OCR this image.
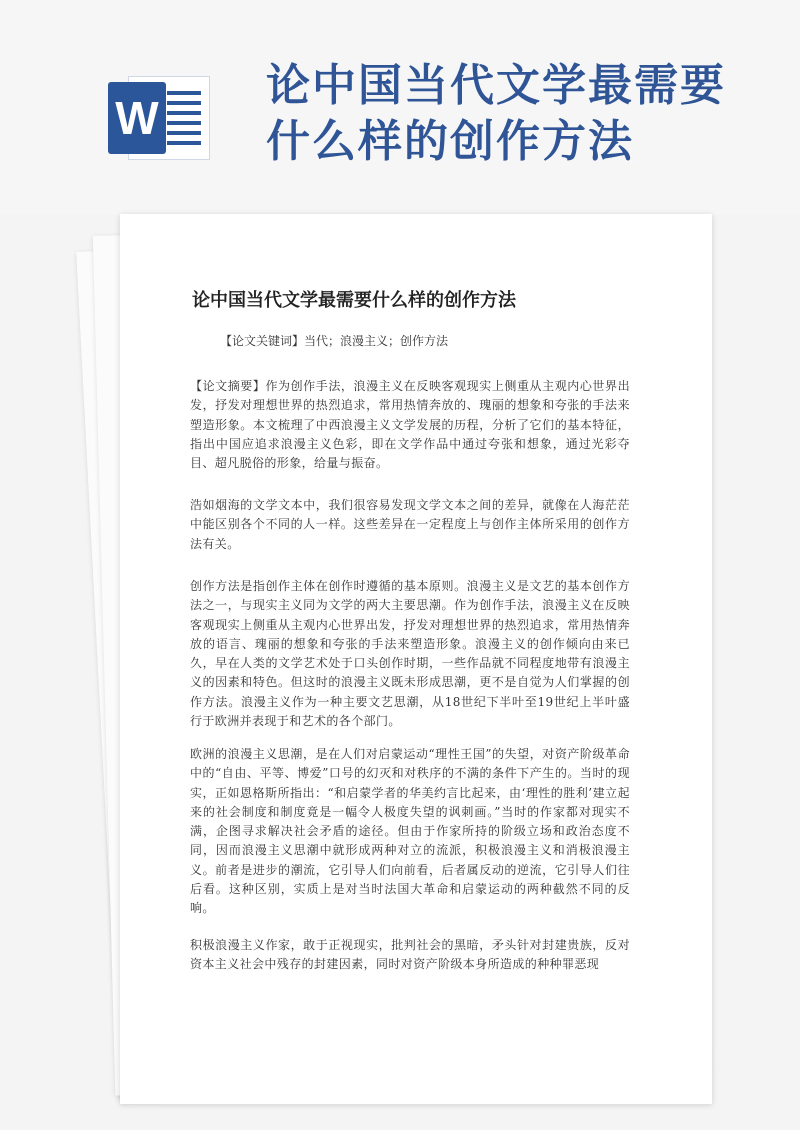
W
论中国当代文学最需要什么样的创作方法
论中国当代文学最需要什么样的创作方法
【论文关键词】当代；浪漫主义；创作方法
【论文摘要】作为创作手法，浪漫主义在反映客观现实上侧重从主观内心世界出发，抒发对理想世界的热烈追求，常用热情奔放的、瑰丽的想象和夸张的手法来塑造形象。本文梳理了中西浪漫主义文学发展的历程，分析了它们的基本特征，指出中国应追求浪漫主义色彩，即在文学作品中通过夸张和想象，通过光彩夺目、超凡脱俗的形象，给量与振奋。
浩如烟海的文学文本中，我们很容易发现文学文本之间的差异，就像在人海茫茫中能区别各个不同的人一样。这些差异在一定程度上与创作主体所采用的创作方法有关。
创作方法是指创作主体在创作时遵循的基本原则。浪漫主义是文艺的基本创作方法之一，与现实主义同为文学的两大主要思潮。作为创作手法，浪漫主义在反映客观现实上侧重从主观内心世界出发，抒发对理想世界的热烈追求，常用热情奔放的语言、瑰丽的想象和夸张的手法来塑造形象。浪漫主义的创作倾向由来已久，早在人类的文学艺术处于口头创作时期，一些作品就不同程度地带有浪漫主义的因素和特色。但这时的浪漫主义既未形成思潮，更不是自觉为人们掌握的创作方法。浪漫主义作为一种主要文艺思潮，从18世纪下半叶至19世纪上半叶盛行于欧洲并表现于和艺术的各个部门。
欧洲的浪漫主义思潮，是在人们对启蒙运动“理性王国”的失望，对资产阶级革命中的“自由、平等、博爱”口号的幻灭和对秩序的不满的条件下产生的。当时的现实，正如恩格斯所指出：“和启蒙学者的华美约言比起来，由‘理性的胜利’建立起来的社会制度和制度竟是一幅令人极度失望的讽刺画。”当时的作家都对现实不满，企图寻求解决社会矛盾的途径。但由于作家所持的阶级立场和政治态度不同，因而浪漫主义思潮中就形成两种对立的流派，积极浪漫主义和消极浪漫主义。前者是进步的潮流，它引导人们向前看，后者属反动的逆流，它引导人们往后看。这种区别，实质上是对当时法国大革命和启蒙运动的两种截然不同的反响。
积极浪漫主义作家，敢于正视现实，批判社会的黑暗，矛头针对封建贵族，反对资本主义社会中残存的封建因素，同时对资产阶级本身所造成的种种罪恶现
